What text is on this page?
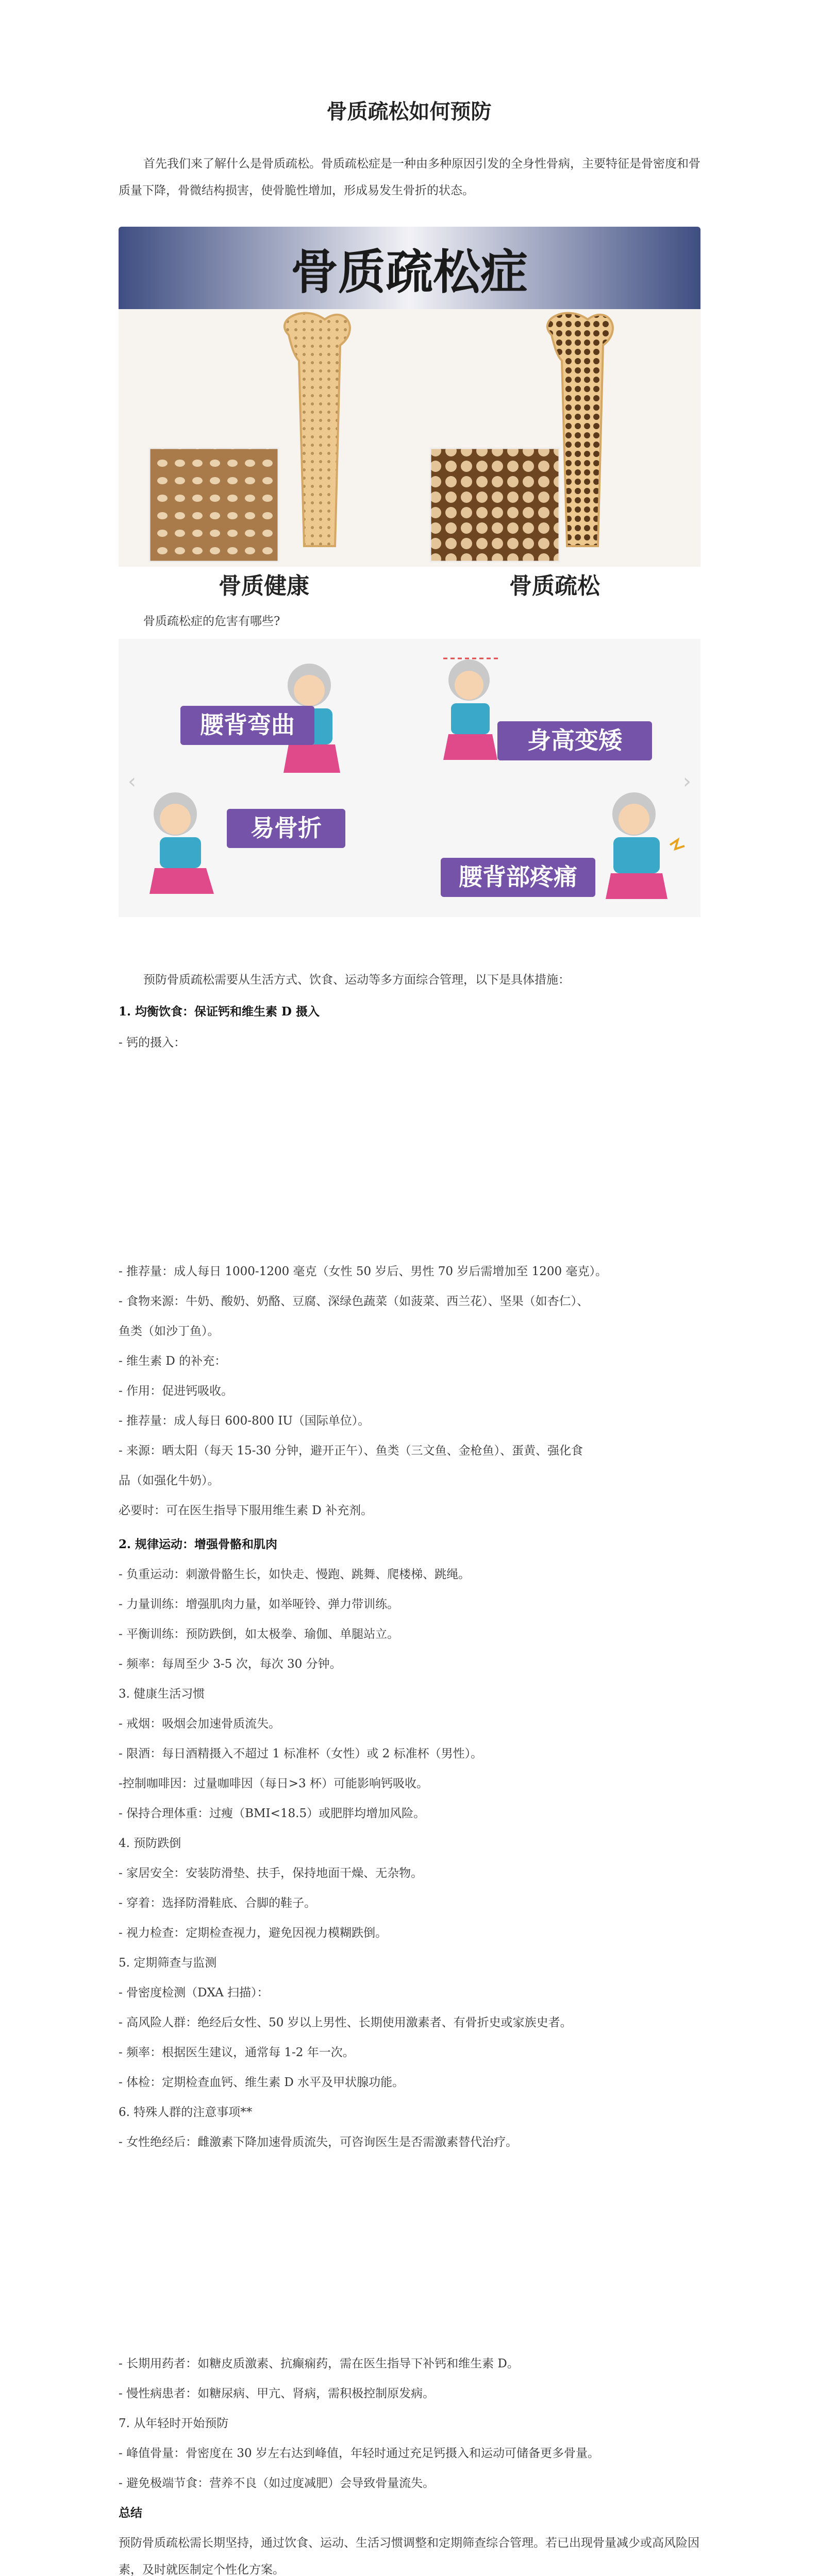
骨质疏松如何预防

首先我们来了解什么是骨质疏松。骨质疏松症是一种由多种原因引发的全身性骨病，主要特征是骨密度和骨质量下降，骨微结构损害，使骨脆性增加，形成易发生骨折的状态。

骨质疏松症
骨质健康	骨质疏松

骨质疏松症的危害有哪些?

‹	›
腰背弯曲
身高变矮
易骨折
腰背部疼痛

预防骨质疏松需要从生活方式、饮食、运动等多方面综合管理，以下是具体措施：

1. 均衡饮食：保证钙和维生素 D 摄入

- 钙的摄入：

- 推荐量：成人每日 1000-1200 毫克（女性 50 岁后、男性 70 岁后需增加至 1200 毫克）。

- 食物来源：牛奶、酸奶、奶酪、豆腐、深绿色蔬菜（如菠菜、西兰花）、坚果（如杏仁）、

鱼类（如沙丁鱼）。

- 维生素 D 的补充：

- 作用：促进钙吸收。

- 推荐量：成人每日 600-800 IU（国际单位）。

- 来源：晒太阳（每天 15-30 分钟，避开正午）、鱼类（三文鱼、金枪鱼）、蛋黄、强化食

品（如强化牛奶）。

必要时：可在医生指导下服用维生素 D 补充剂。

2. 规律运动：增强骨骼和肌肉

- 负重运动：刺激骨骼生长，如快走、慢跑、跳舞、爬楼梯、跳绳。

- 力量训练：增强肌肉力量，如举哑铃、弹力带训练。

- 平衡训练：预防跌倒，如太极拳、瑜伽、单腿站立。

- 频率：每周至少 3-5 次，每次 30 分钟。

3. 健康生活习惯

- 戒烟：吸烟会加速骨质流失。

- 限酒：每日酒精摄入不超过 1 标准杯（女性）或 2 标准杯（男性）。

-控制咖啡因：过量咖啡因（每日>3 杯）可能影响钙吸收。

- 保持合理体重：过瘦（BMI<18.5）或肥胖均增加风险。

4. 预防跌倒

- 家居安全：安装防滑垫、扶手，保持地面干燥、无杂物。

- 穿着：选择防滑鞋底、合脚的鞋子。

- 视力检查：定期检查视力，避免因视力模糊跌倒。

5. 定期筛查与监测

- 骨密度检测（DXA 扫描）：

- 高风险人群：绝经后女性、50 岁以上男性、长期使用激素者、有骨折史或家族史者。

- 频率：根据医生建议，通常每 1-2 年一次。

- 体检：定期检查血钙、维生素 D 水平及甲状腺功能。

6. 特殊人群的注意事项**

- 女性绝经后：雌激素下降加速骨质流失，可咨询医生是否需激素替代治疗。

- 长期用药者：如糖皮质激素、抗癫痫药，需在医生指导下补钙和维生素 D。

- 慢性病患者：如糖尿病、甲亢、肾病，需积极控制原发病。

7. 从年轻时开始预防

- 峰值骨量：骨密度在 30 岁左右达到峰值，年轻时通过充足钙摄入和运动可储备更多骨量。

- 避免极端节食：营养不良（如过度减肥）会导致骨量流失。

总结

预防骨质疏松需长期坚持，通过饮食、运动、生活习惯调整和定期筛查综合管理。若已出现骨量减少或高风险因素，及时就医制定个性化方案。
